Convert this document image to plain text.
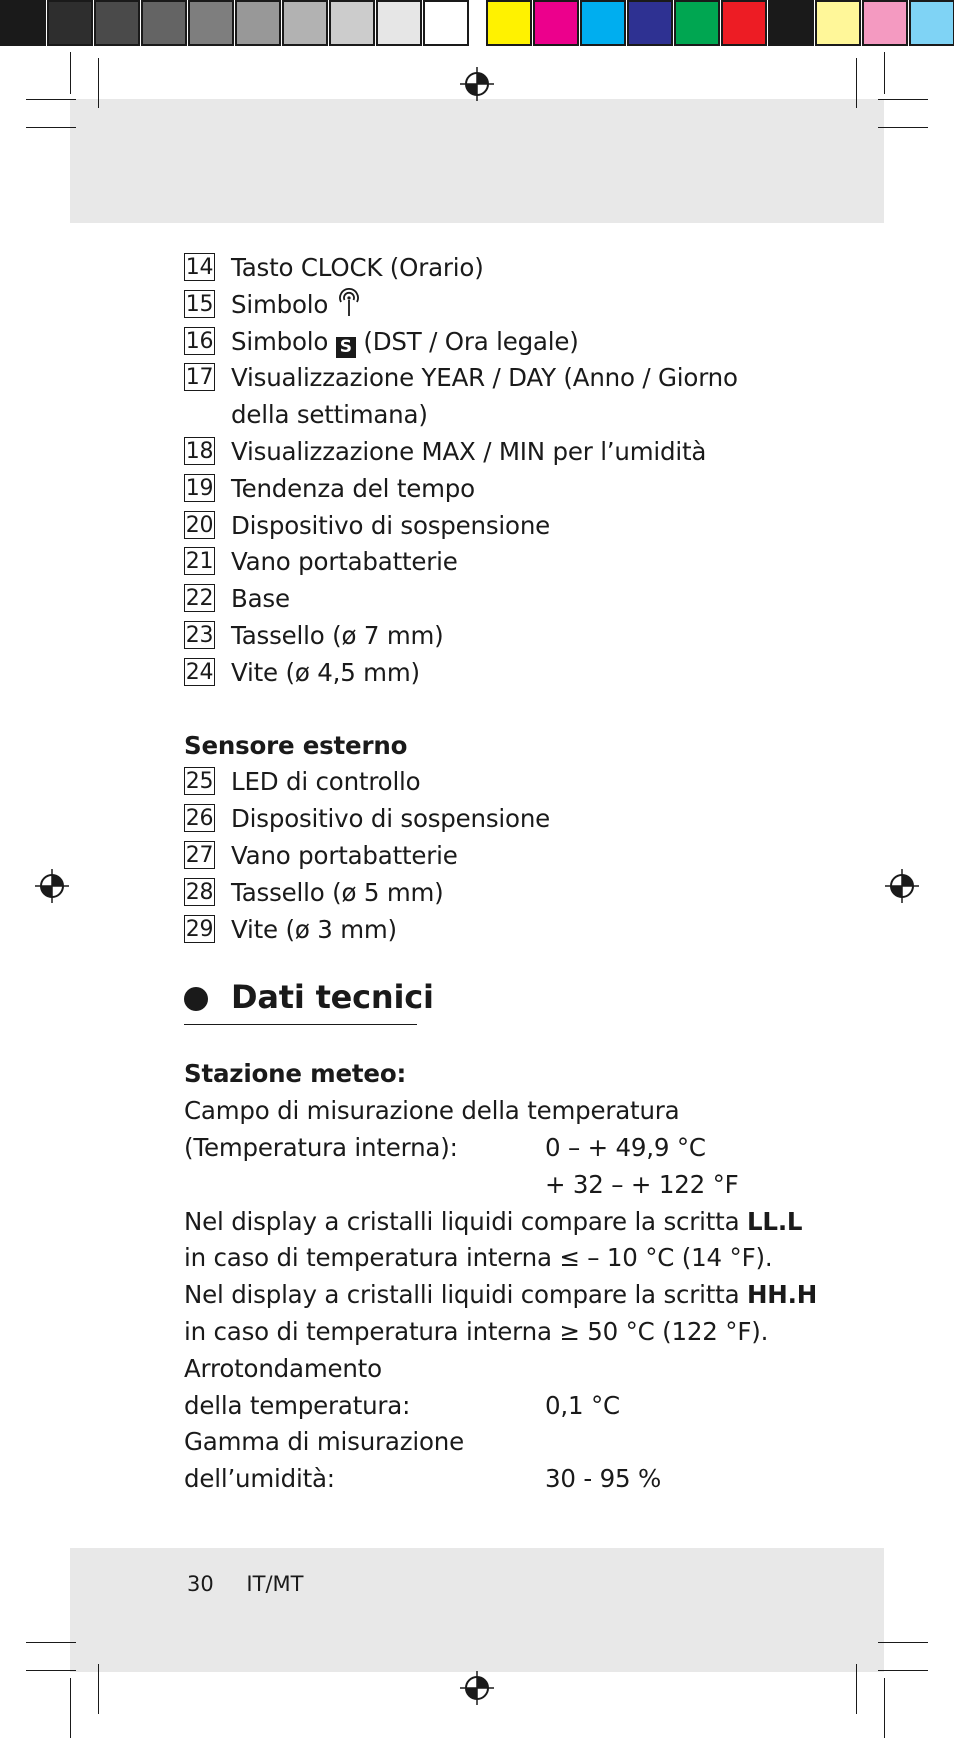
14 Tasto CLOCK (Orario)
15 Simbolo
16 Simbolo S (DST / Ora legale)
17 Visualizzazione YEAR / DAY (Anno / Giorno
della settimana)
18 Visualizzazione MAX / MIN per l’umidità
19 Tendenza del tempo
20 Dispositivo di sospensione
21 Vano portabatterie
22 Base
23 Tassello (ø 7 mm)
24 Vite (ø 4,5 mm)
Sensore esterno
25 LED di controllo
26 Dispositivo di sospensione
27 Vano portabatterie
28 Tassello (ø 5 mm)
29 Vite (ø 3 mm)
Dati tecnici
Stazione meteo:
Campo di misurazione della temperatura
(Temperatura interna):	0 – + 49,9 °C
+ 32 – + 122 °F
Nel display a cristalli liquidi compare la scritta LL.L
in caso di temperatura interna ≤ – 10 °C (14 °F).
Nel display a cristalli liquidi compare la scritta HH.H
in caso di temperatura interna ≥ 50 °C (122 °F).
Arrotondamento
della temperatura:	0,1 °C
Gamma di misurazione
dell’umidità:	30 - 95 %
30 IT/MT
